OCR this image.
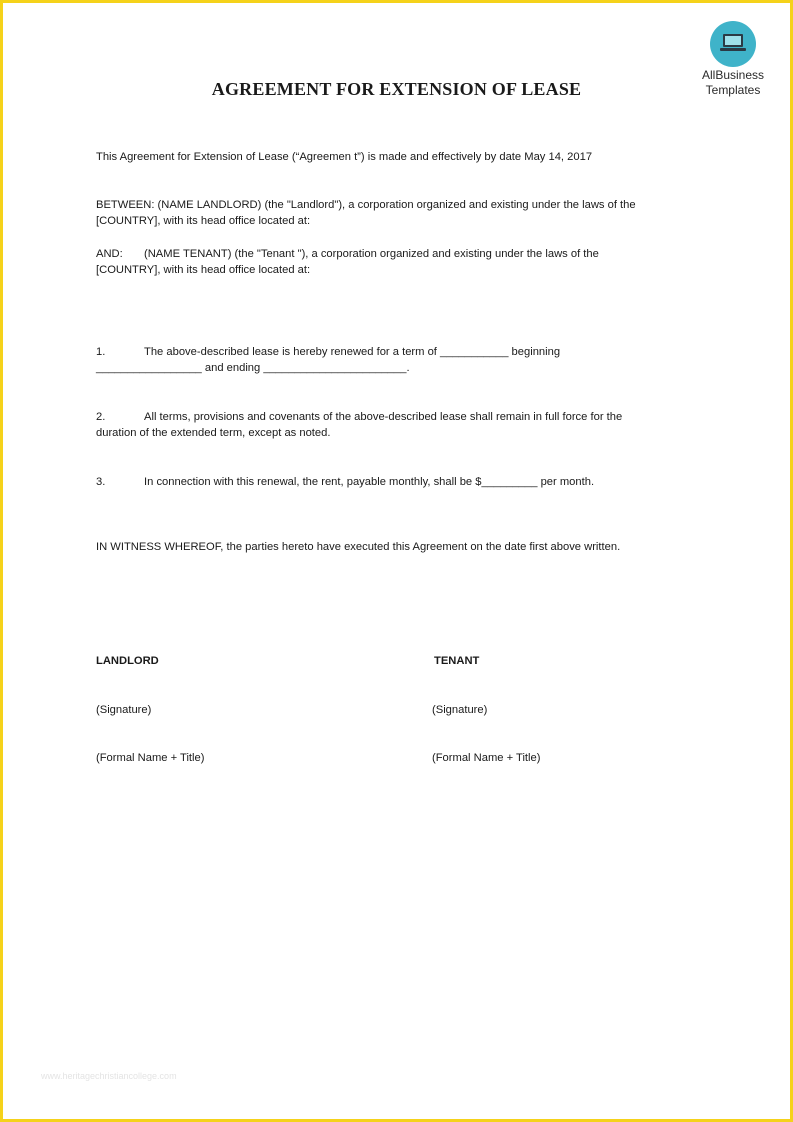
AllBusiness
Templates
AGREEMENT FOR EXTENSION OF LEASE
This Agreement for Extension of Lease (“Agreemen t”) is made and effectively by date May 14, 2017
BETWEEN: (NAME LANDLORD) (the "Landlord"), a corporation organized and existing under the laws of the
[COUNTRY], with its head office located at:
AND: (NAME TENANT) (the "Tenant "), a corporation organized and existing under the laws of the
[COUNTRY], with its head office located at:
1.	The above-described lease is hereby renewed for a term of ___________ beginning
_________________ and ending _______________________.
2.	All terms, provisions and covenants of the above-described lease shall remain in full force for the
duration of the extended term, except as noted.
3.	In connection with this renewal, the rent, payable monthly, shall be $_________ per month.
IN WITNESS WHEREOF, the parties hereto have executed this Agreement on the date first above written.
LANDLORD	TENANT
(Signature)	(Signature)
(Formal Name + Title)	(Formal Name + Title)
www.heritagechristiancollege.com
